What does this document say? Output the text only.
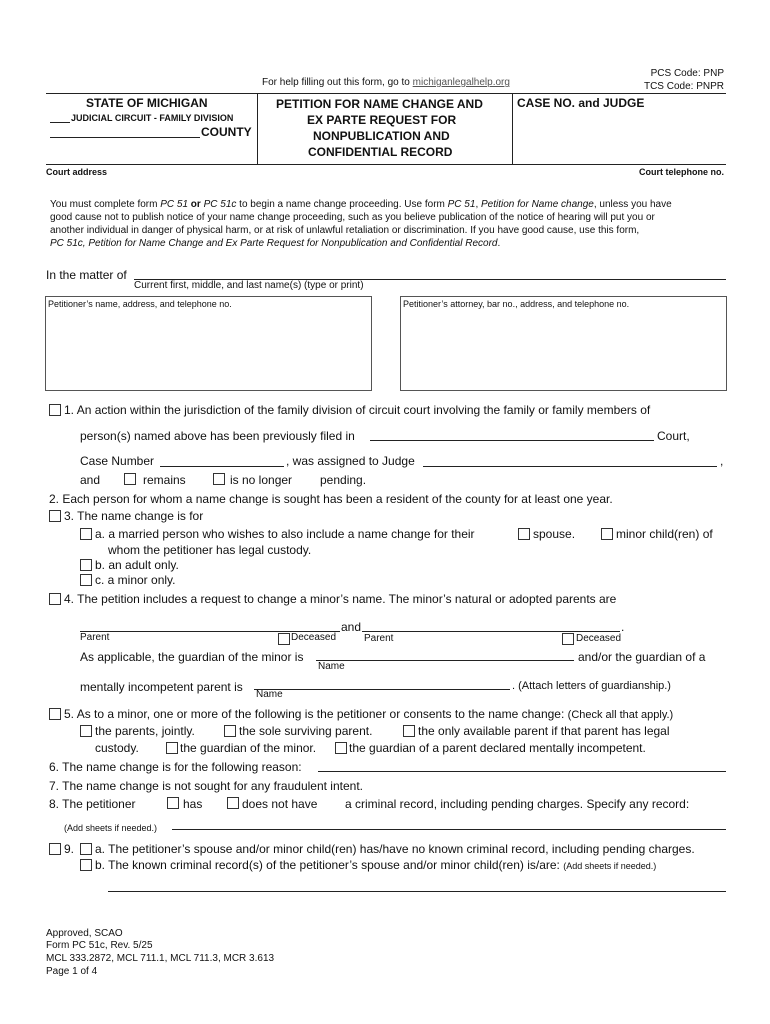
For help filling out this form, go to michiganlegalhelp.org
PCS Code: PNP
TCS Code: PNPR
STATE OF MICHIGAN
JUDICIAL CIRCUIT - FAMILY DIVISION
COUNTY
PETITION FOR NAME CHANGE AND
EX PARTE REQUEST FOR
NONPUBLICATION AND
CONFIDENTIAL RECORD
CASE NO. and JUDGE
Court address	Court telephone no.
You must complete form PC 51 or PC 51c to begin a name change proceeding. Use form PC 51, Petition for Name change, unless you have
good cause not to publish notice of your name change proceeding, such as you believe publication of the notice of hearing will put you or
another individual in danger of physical harm, or at risk of unlawful retaliation or discrimination. If you have good cause, use this form,
PC 51c, Petition for Name Change and Ex Parte Request for Nonpublication and Confidential Record.
In the matter of
Current first, middle, and last name(s) (type or print)
Petitioner’s name, address, and telephone no.	Petitioner’s attorney, bar no., address, and telephone no.
1. An action within the jurisdiction of the family division of circuit court involving the family or family members of
person(s) named above has been previously filed in	Court,
Case Number	, was assigned to Judge	,
and	remains	is no longer pending.
2. Each person for whom a name change is sought has been a resident of the county for at least one year.
3. The name change is for
a. a married person who wishes to also include a name change for their	spouse.	minor child(ren) of
whom the petitioner has legal custody.
b. an adult only.
c. a minor only.
4. The petition includes a request to change a minor’s name. The minor’s natural or adopted parents are
and	.
Parent	Deceased	Parent	Deceased
As applicable, the guardian of the minor is
Name
and/or the guardian of a
mentally incompetent parent is
Name
. (Attach letters of guardianship.)
5. As to a minor, one or more of the following is the petitioner or consents to the name change: (Check all that apply.)
the parents, jointly.	the sole surviving parent.	the only available parent if that parent has legal
custody.	the guardian of the minor.	the guardian of a parent declared mentally incompetent.
6. The name change is for the following reason:
7. The name change is not sought for any fraudulent intent.
8. The petitioner	has	does not have a criminal record, including pending charges. Specify any record:
(Add sheets if needed.)
9. a. The petitioner’s spouse and/or minor child(ren) has/have no known criminal record, including pending charges.
b. The known criminal record(s) of the petitioner’s spouse and/or minor child(ren) is/are: (Add sheets if needed.)
Approved, SCAO
Form PC 51c, Rev. 5/25
MCL 333.2872, MCL 711.1, MCL 711.3, MCR 3.613
Page 1 of 4
